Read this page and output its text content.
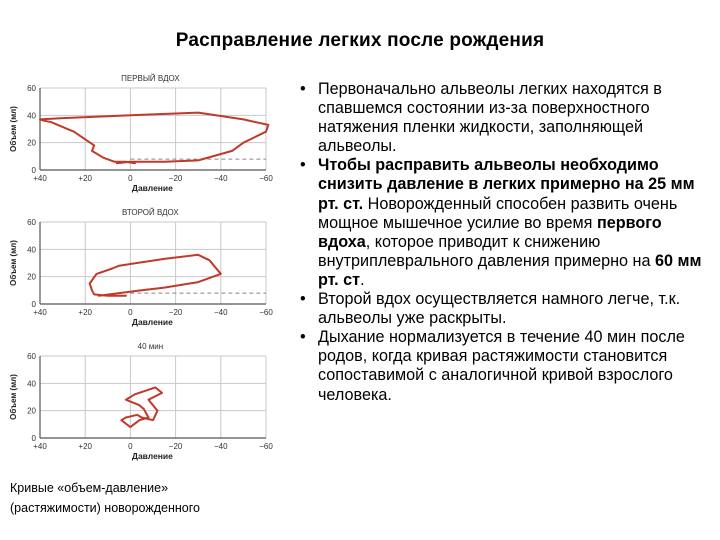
Расправление легких после рождения
+40	+20	0	−20	−40	−60
0
20
40
60
ПЕРВЫЙ ВДОХ
Давление
Объем (мл)
+40	+20	0	−20	−40	−60
0
20
40
60
ВТОРОЙ ВДОХ
Давление
Объем (мл)
+40	+20	0	−20	−40	−60
0
20
40
60
40 мин
Давление
Объем (мл)
Кривые «объем-давление»
(растяжимости) новорожденного
• Первоначально альвеолы легких находятся в спавшемся состоянии из-за поверхностного натяжения пленки жидкости, заполняющей альвеолы.
• Чтобы расправить альвеолы необходимо снизить давление в легких примерно на 25 мм рт. ст. Новорожденный способен развить очень мощное мышечное усилие во время первого вдоха, которое приводит к снижению внутриплеврального давления примерно на 60 мм рт. ст.
• Второй вдох осуществляется намного легче, т.к. альвеолы уже раскрыты.
• Дыхание нормализуется в течение 40 мин после родов, когда кривая растяжимости становится сопоставимой с аналогичной кривой взрослого человека.
